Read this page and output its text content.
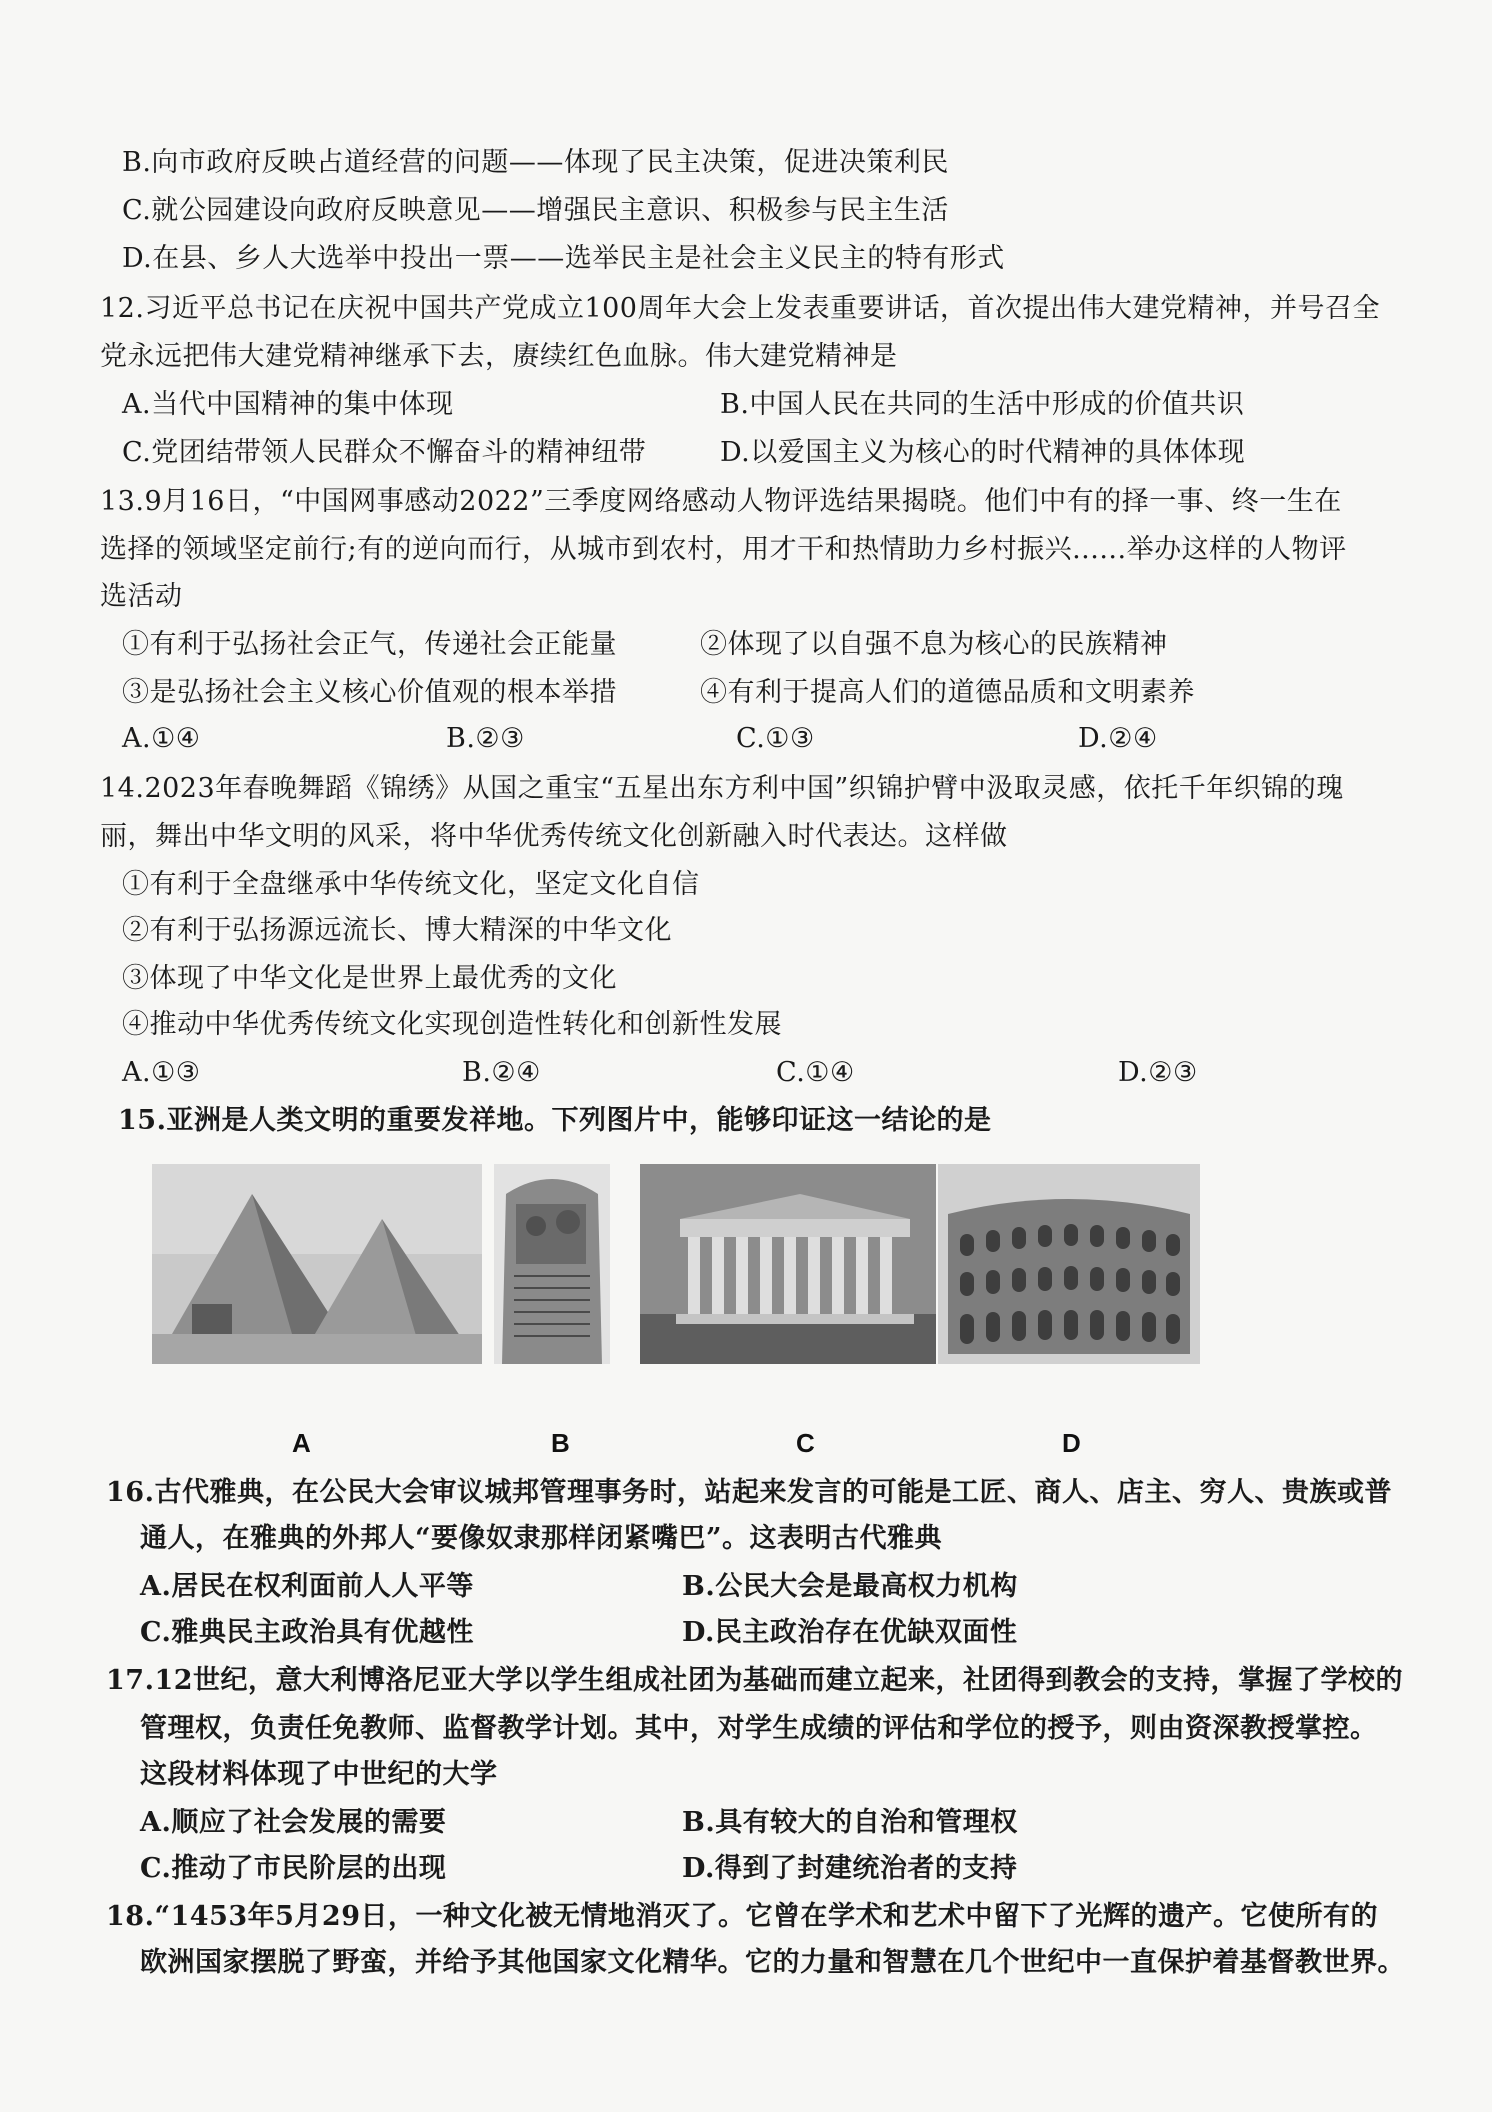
B.向市政府反映占道经营的问题——体现了民主决策，促进决策利民
C.就公园建设向政府反映意见——增强民主意识、积极参与民主生活
D.在县、乡人大选举中投出一票——选举民主是社会主义民主的特有形式
12.习近平总书记在庆祝中国共产党成立100周年大会上发表重要讲话，首次提出伟大建党精神，并号召全
党永远把伟大建党精神继承下去，赓续红色血脉。伟大建党精神是
A.当代中国精神的集中体现	B.中国人民在共同的生活中形成的价值共识
C.党团结带领人民群众不懈奋斗的精神纽带	D.以爱国主义为核心的时代精神的具体体现
13.9月16日，“中国网事感动2022”三季度网络感动人物评选结果揭晓。他们中有的择一事、终一生在
选择的领域坚定前行;有的逆向而行，从城市到农村，用才干和热情助力乡村振兴......举办这样的人物评
选活动
①有利于弘扬社会正气，传递社会正能量	②体现了以自强不息为核心的民族精神
③是弘扬社会主义核心价值观的根本举措	④有利于提高人们的道德品质和文明素养
A.①④	B.②③	C.①③	D.②④
14.2023年春晚舞蹈《锦绣》从国之重宝“五星出东方利中国”织锦护臂中汲取灵感，依托千年织锦的瑰
丽，舞出中华文明的风采，将中华优秀传统文化创新融入时代表达。这样做
①有利于全盘继承中华传统文化，坚定文化自信
②有利于弘扬源远流长、博大精深的中华文化
③体现了中华文化是世界上最优秀的文化
④推动中华优秀传统文化实现创造性转化和创新性发展
A.①③	B.②④	C.①④	D.②③
15.亚洲是人类文明的重要发祥地。下列图片中，能够印证这一结论的是
A	B	C	D
16.古代雅典，在公民大会审议城邦管理事务时，站起来发言的可能是工匠、商人、店主、穷人、贵族或普
通人，在雅典的外邦人“要像奴隶那样闭紧嘴巴”。这表明古代雅典
A.居民在权利面前人人平等	B.公民大会是最高权力机构
C.雅典民主政治具有优越性	D.民主政治存在优缺双面性
17.12世纪，意大利博洛尼亚大学以学生组成社团为基础而建立起来，社团得到教会的支持，掌握了学校的
管理权，负责任免教师、监督教学计划。其中，对学生成绩的评估和学位的授予，则由资深教授掌控。
这段材料体现了中世纪的大学
A.顺应了社会发展的需要	B.具有较大的自治和管理权
C.推动了市民阶层的出现	D.得到了封建统治者的支持
18.“1453年5月29日，一种文化被无情地消灭了。它曾在学术和艺术中留下了光辉的遗产。它使所有的
欧洲国家摆脱了野蛮，并给予其他国家文化精华。它的力量和智慧在几个世纪中一直保护着基督教世界。
